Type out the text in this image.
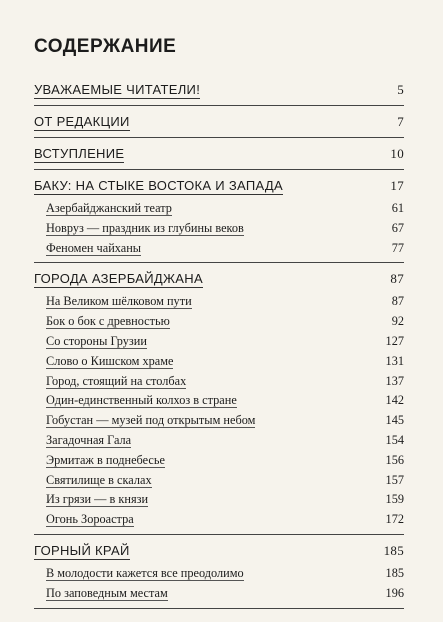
СОДЕРЖАНИЕ
УВАЖАЕМЫЕ ЧИТАТЕЛИ!	5
ОТ РЕДАКЦИИ	7
ВСТУПЛЕНИЕ	10
БАКУ: НА СТЫКЕ ВОСТОКА И ЗАПАДА	17
Азербайджанский театр	61
Новруз — праздник из глубины веков	67
Феномен чайханы	77
ГОРОДА АЗЕРБАЙДЖАНА	87
На Великом шёлковом пути	87
Бок о бок с древностью	92
Со стороны Грузии	127
Слово о Кишском храме	131
Город, стоящий на столбах	137
Один-единственный колхоз в стране	142
Гобустан — музей под открытым небом	145
Загадочная Гала	154
Эрмитаж в поднебесье	156
Святилище в скалах	157
Из грязи — в князи	159
Огонь Зороастра	172
ГОРНЫЙ КРАЙ	185
В молодости кажется все преодолимо	185
По заповедным местам	196
